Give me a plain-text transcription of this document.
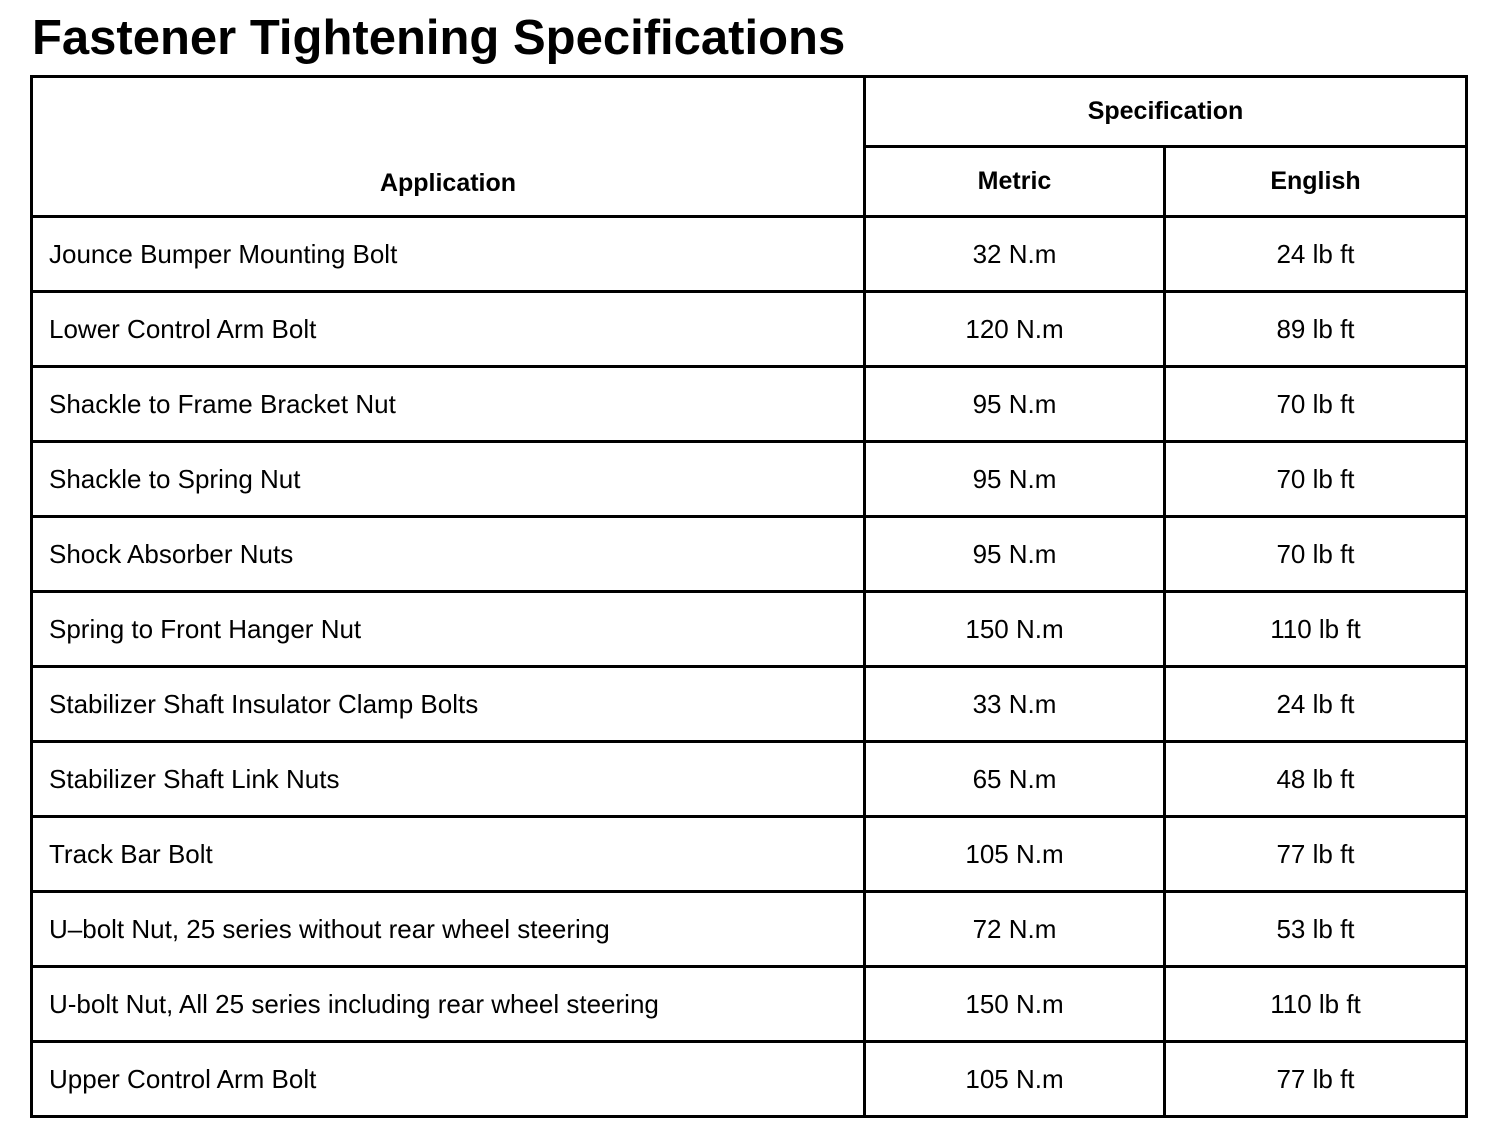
Fastener Tightening Specifications
Application	Specification	
	Metric	English
Jounce Bumper Mounting Bolt	32 N.m	24 lb ft
Lower Control Arm Bolt	120 N.m	89 lb ft
Shackle to Frame Bracket Nut	95 N.m	70 lb ft
Shackle to Spring Nut	95 N.m	70 lb ft
Shock Absorber Nuts	95 N.m	70 lb ft
Spring to Front Hanger Nut	150 N.m	110 lb ft
Stabilizer Shaft Insulator Clamp Bolts	33 N.m	24 lb ft
Stabilizer Shaft Link Nuts	65 N.m	48 lb ft
Track Bar Bolt	105 N.m	77 lb ft
U–bolt Nut, 25 series without rear wheel steering	72 N.m	53 lb ft
U-bolt Nut, All 25 series including rear wheel steering	150 N.m	110 lb ft
Upper Control Arm Bolt	105 N.m	77 lb ft
